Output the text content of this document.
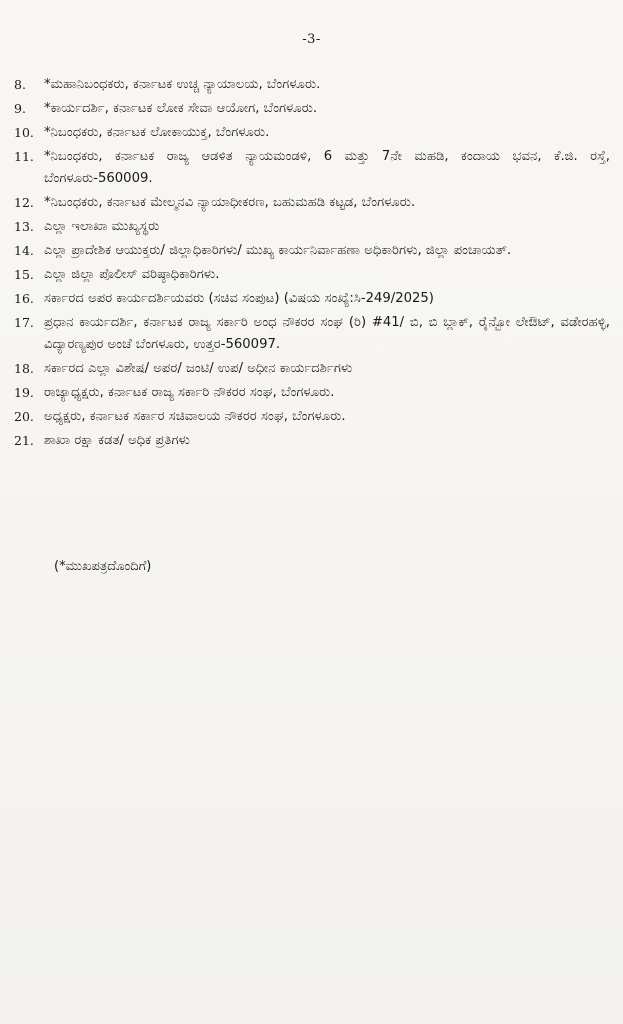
-3-
8.	*ಮಹಾನಿಬಂಧಕರು, ಕರ್ನಾಟಕ ಉಚ್ಚ ನ್ಯಾಯಾಲಯ, ಬೆಂಗಳೂರು.
9.	*ಕಾರ್ಯದರ್ಶಿ, ಕರ್ನಾಟಕ ಲೋಕ ಸೇವಾ ಆಯೋಗ, ಬೆಂಗಳೂರು.
10. *ನಿಬಂಧಕರು, ಕರ್ನಾಟಕ ಲೋಕಾಯುಕ್ತ, ಬೆಂಗಳೂರು.
11. *ನಿಬಂಧಕರು, ಕರ್ನಾಟಕ ರಾಜ್ಯ ಆಡಳಿತ ನ್ಯಾಯಮಂಡಳಿ, 6 ಮತ್ತು 7ನೇ ಮಹಡಿ, ಕಂದಾಯ ಭವನ, ಕೆ.ಜಿ. ರಸ್ತೆ, ಬೆಂಗಳೂರು-560009.
12. *ನಿಬಂಧಕರು, ಕರ್ನಾಟಕ ಮೇಲ್ಮನವಿ ನ್ಯಾಯಾಧೀಕರಣ, ಬಹುಮಹಡಿ ಕಟ್ಟಡ, ಬೆಂಗಳೂರು.
13. ಎಲ್ಲಾ ಇಲಾಖಾ ಮುಖ್ಯಸ್ಥರು
14. ಎಲ್ಲಾ ಪ್ರಾದೇಶಿಕ ಆಯುಕ್ತರು/ ಜಿಲ್ಲಾಧಿಕಾರಿಗಳು/ ಮುಖ್ಯ ಕಾರ್ಯನಿರ್ವಾಹಣಾ ಅಧಿಕಾರಿಗಳು, ಜಿಲ್ಲಾ ಪಂಚಾಯತ್.
15. ಎಲ್ಲಾ ಜಿಲ್ಲಾ ಪೊಲೀಸ್ ವರಿಷ್ಠಾಧಿಕಾರಿಗಳು.
16. ಸರ್ಕಾರದ ಅಪರ ಕಾರ್ಯದರ್ಶಿಯವರು (ಸಚಿವ ಸಂಪುಟ) (ವಿಷಯ ಸಂಖ್ಯೆ:ಸಿ-249/2025)
17. ಪ್ರಧಾನ ಕಾರ್ಯದರ್ಶಿ, ಕರ್ನಾಟಕ ರಾಜ್ಯ ಸರ್ಕಾರಿ ಅಂಧ ನೌಕರರ ಸಂಘ (ರಿ) #41/ ಬಿ, ಬಿ ಬ್ಲಾಕ್, ರೈನ್ಬೋ ಲೇಔಟ್, ವಡೇರಹಳ್ಳಿ, ವಿದ್ಯಾರಣ್ಯಪುರ ಅಂಚೆ ಬೆಂಗಳೂರು, ಉತ್ತರ-560097.
18. ಸರ್ಕಾರದ ಎಲ್ಲಾ ವಿಶೇಷ/ ಅಪರ/ ಜಂಟಿ/ ಉಪ/ ಅಧೀನ ಕಾರ್ಯದರ್ಶಿಗಳು
19. ರಾಜ್ಯಾಧ್ಯಕ್ಷರು, ಕರ್ನಾಟಕ ರಾಜ್ಯ ಸರ್ಕಾರಿ ನೌಕರರ ಸಂಘ, ಬೆಂಗಳೂರು.
20. ಅಧ್ಯಕ್ಷರು, ಕರ್ನಾಟಕ ಸರ್ಕಾರ ಸಚಿವಾಲಯ ನೌಕರರ ಸಂಘ, ಬೆಂಗಳೂರು.
21. ಶಾಖಾ ರಕ್ಷಾ ಕಡತ/ ಅಧಿಕ ಪ್ರತಿಗಳು
(*ಮುಖಪತ್ರದೊಂದಿಗೆ)
